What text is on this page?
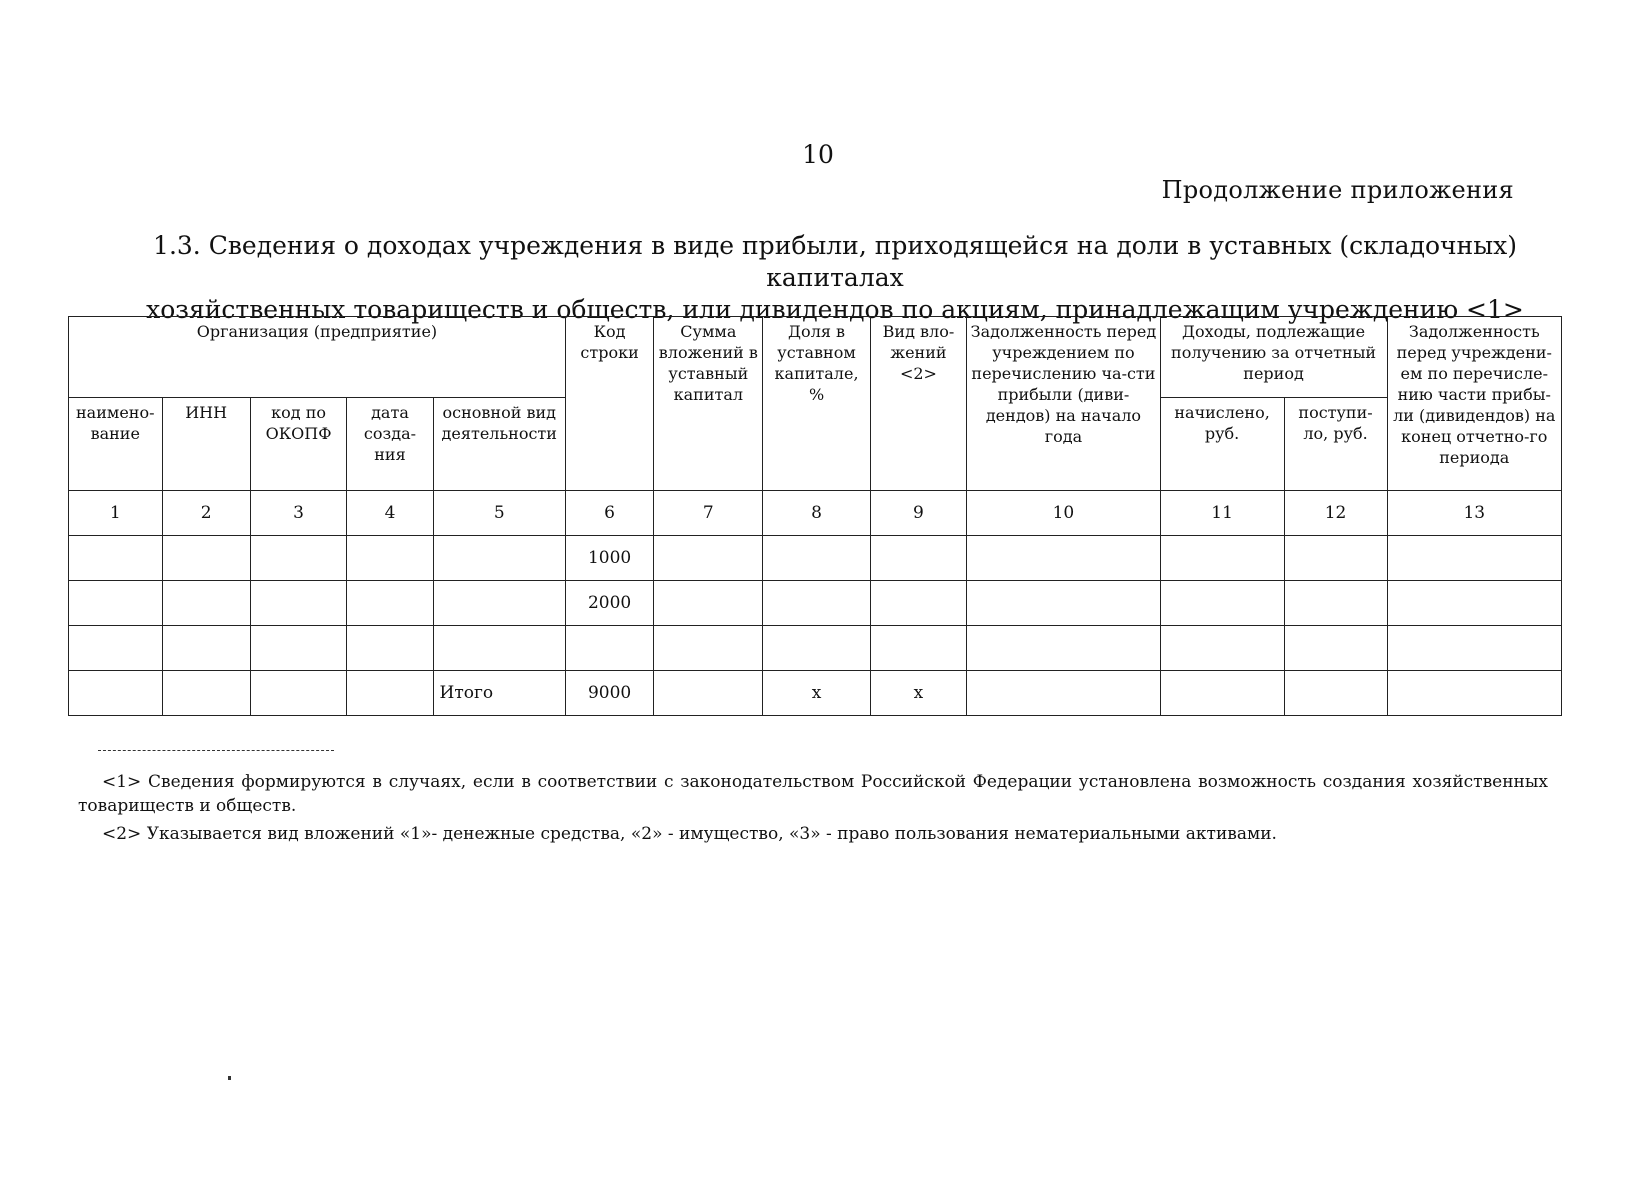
10
Продолжение приложения
1.3. Сведения о доходах учреждения в виде прибыли, приходящейся на доли в уставных (складочных) капиталах
хозяйственных товариществ и обществ, или дивидендов по акциям, принадлежащим учреждению <1>
Организация (предприятие)					Код строки	Сумма вложений в уставный капитал	Доля в уставном капитале, %	Вид вло-жений <2>	Задолженность перед учреждением по перечислению ча-сти прибыли (диви-дендов) на начало года	Доходы, подлежащие получению за отчетный период		Задолженность перед учреждени-ем по перечисле-нию части прибы-ли (дивидендов) на конец отчетно-го периода
наимено-вание	ИНН	код по ОКОПФ	дата созда-ния	основной вид деятельности						начислено, руб.	поступи-ло, руб.	
1	2	3	4	5	6	7	8	9	10	11	12	13
					1000							
					2000							

				Итого	9000		х	х				
<1> Сведения формируются в случаях, если в соответствии с законодательством Российской Федерации установлена возможность создания хозяйственных товариществ и обществ.
<2> Указывается вид вложений «1»- денежные средства, «2» - имущество, «3» - право пользования нематериальными активами.
